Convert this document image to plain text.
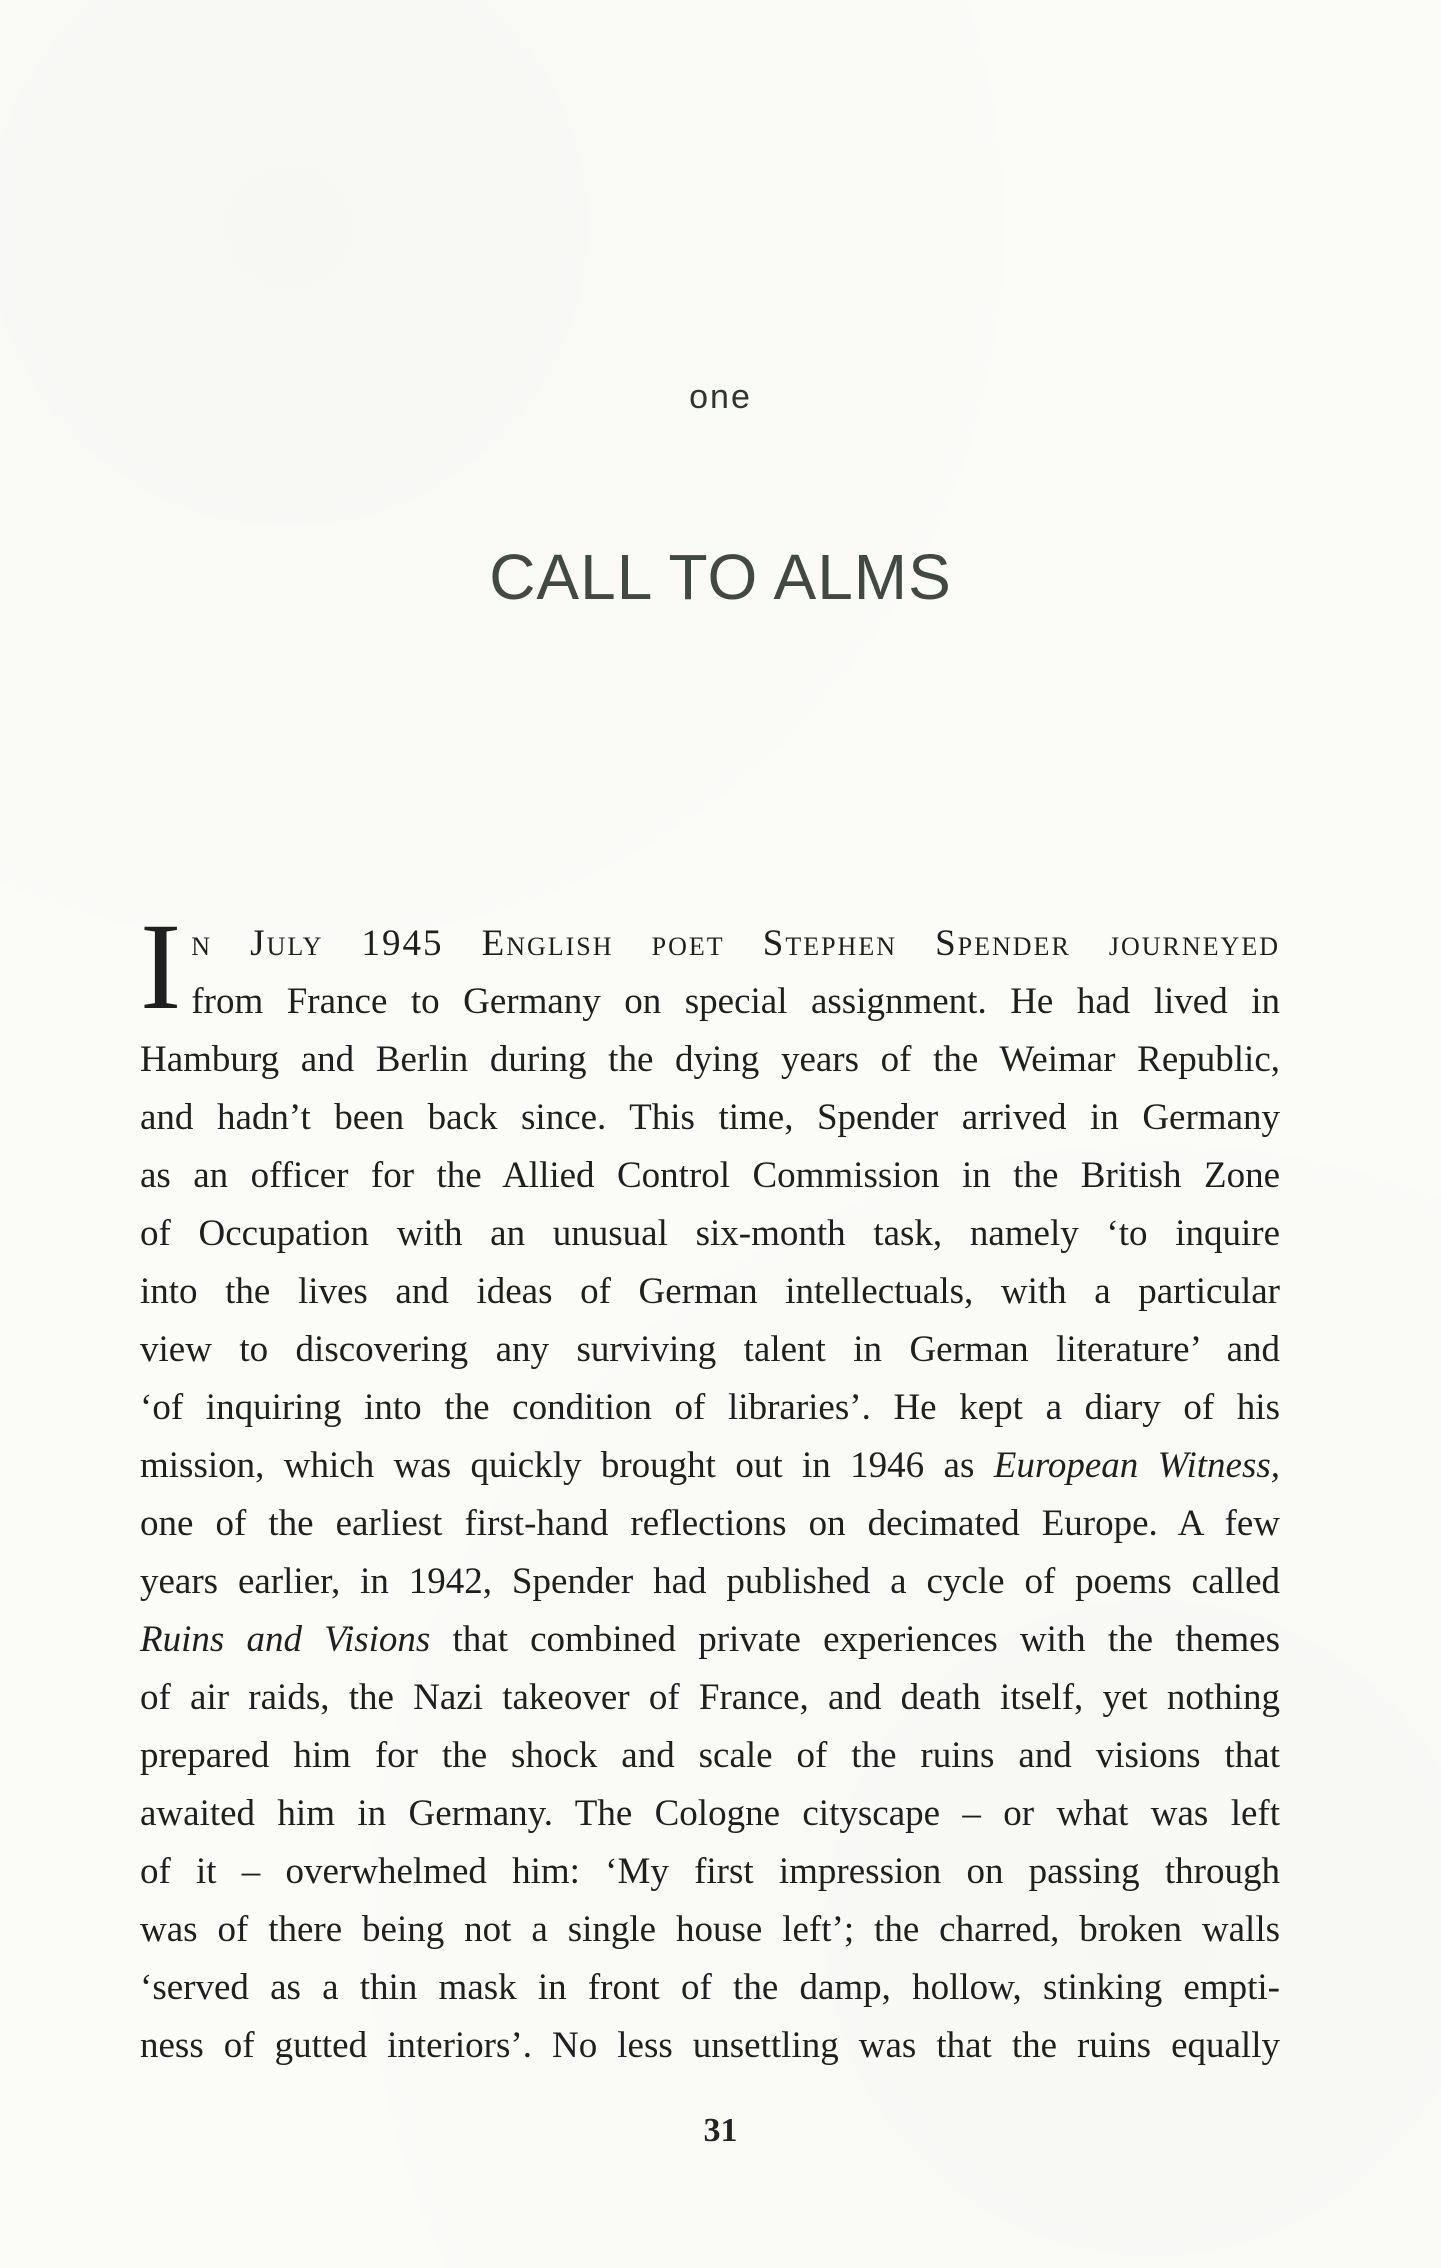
one
CALL TO ALMS
I n July 1945 English poet Stephen Spender journeyed
from France to Germany on special assignment. He had lived in
Hamburg and Berlin during the dying years of the Weimar Republic,
and hadn’t been back since. This time, Spender arrived in Germany
as an officer for the Allied Control Commission in the British Zone
of Occupation with an unusual six-month task, namely ‘to inquire
into the lives and ideas of German intellectuals, with a particular
view to discovering any surviving talent in German literature’ and
‘of inquiring into the condition of libraries’. He kept a diary of his
mission, which was quickly brought out in 1946 as European Witness,
one of the earliest first-hand reflections on decimated Europe. A few
years earlier, in 1942, Spender had published a cycle of poems called
Ruins and Visions that combined private experiences with the themes
of air raids, the Nazi takeover of France, and death itself, yet nothing
prepared him for the shock and scale of the ruins and visions that
awaited him in Germany. The Cologne cityscape – or what was left
of it – overwhelmed him: ‘My first impression on passing through
was of there being not a single house left’; the charred, broken walls
‘served as a thin mask in front of the damp, hollow, stinking empti-
ness of gutted interiors’. No less unsettling was that the ruins equally
31
